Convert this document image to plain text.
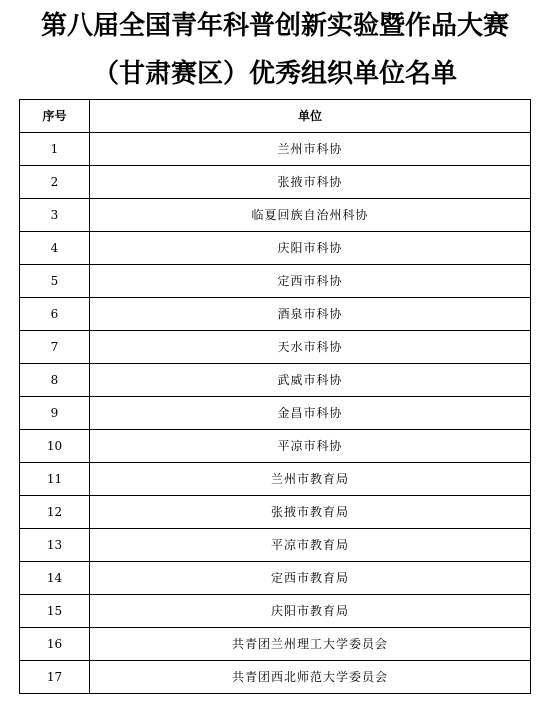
第八届全国青年科普创新实验暨作品大赛
（甘肃赛区）优秀组织单位名单
序号	单位
1	兰州市科协
2	张掖市科协
3	临夏回族自治州科协
4	庆阳市科协
5	定西市科协
6	酒泉市科协
7	天水市科协
8	武威市科协
9	金昌市科协
10	平凉市科协
11	兰州市教育局
12	张掖市教育局
13	平凉市教育局
14	定西市教育局
15	庆阳市教育局
16	共青团兰州理工大学委员会
17	共青团西北师范大学委员会
